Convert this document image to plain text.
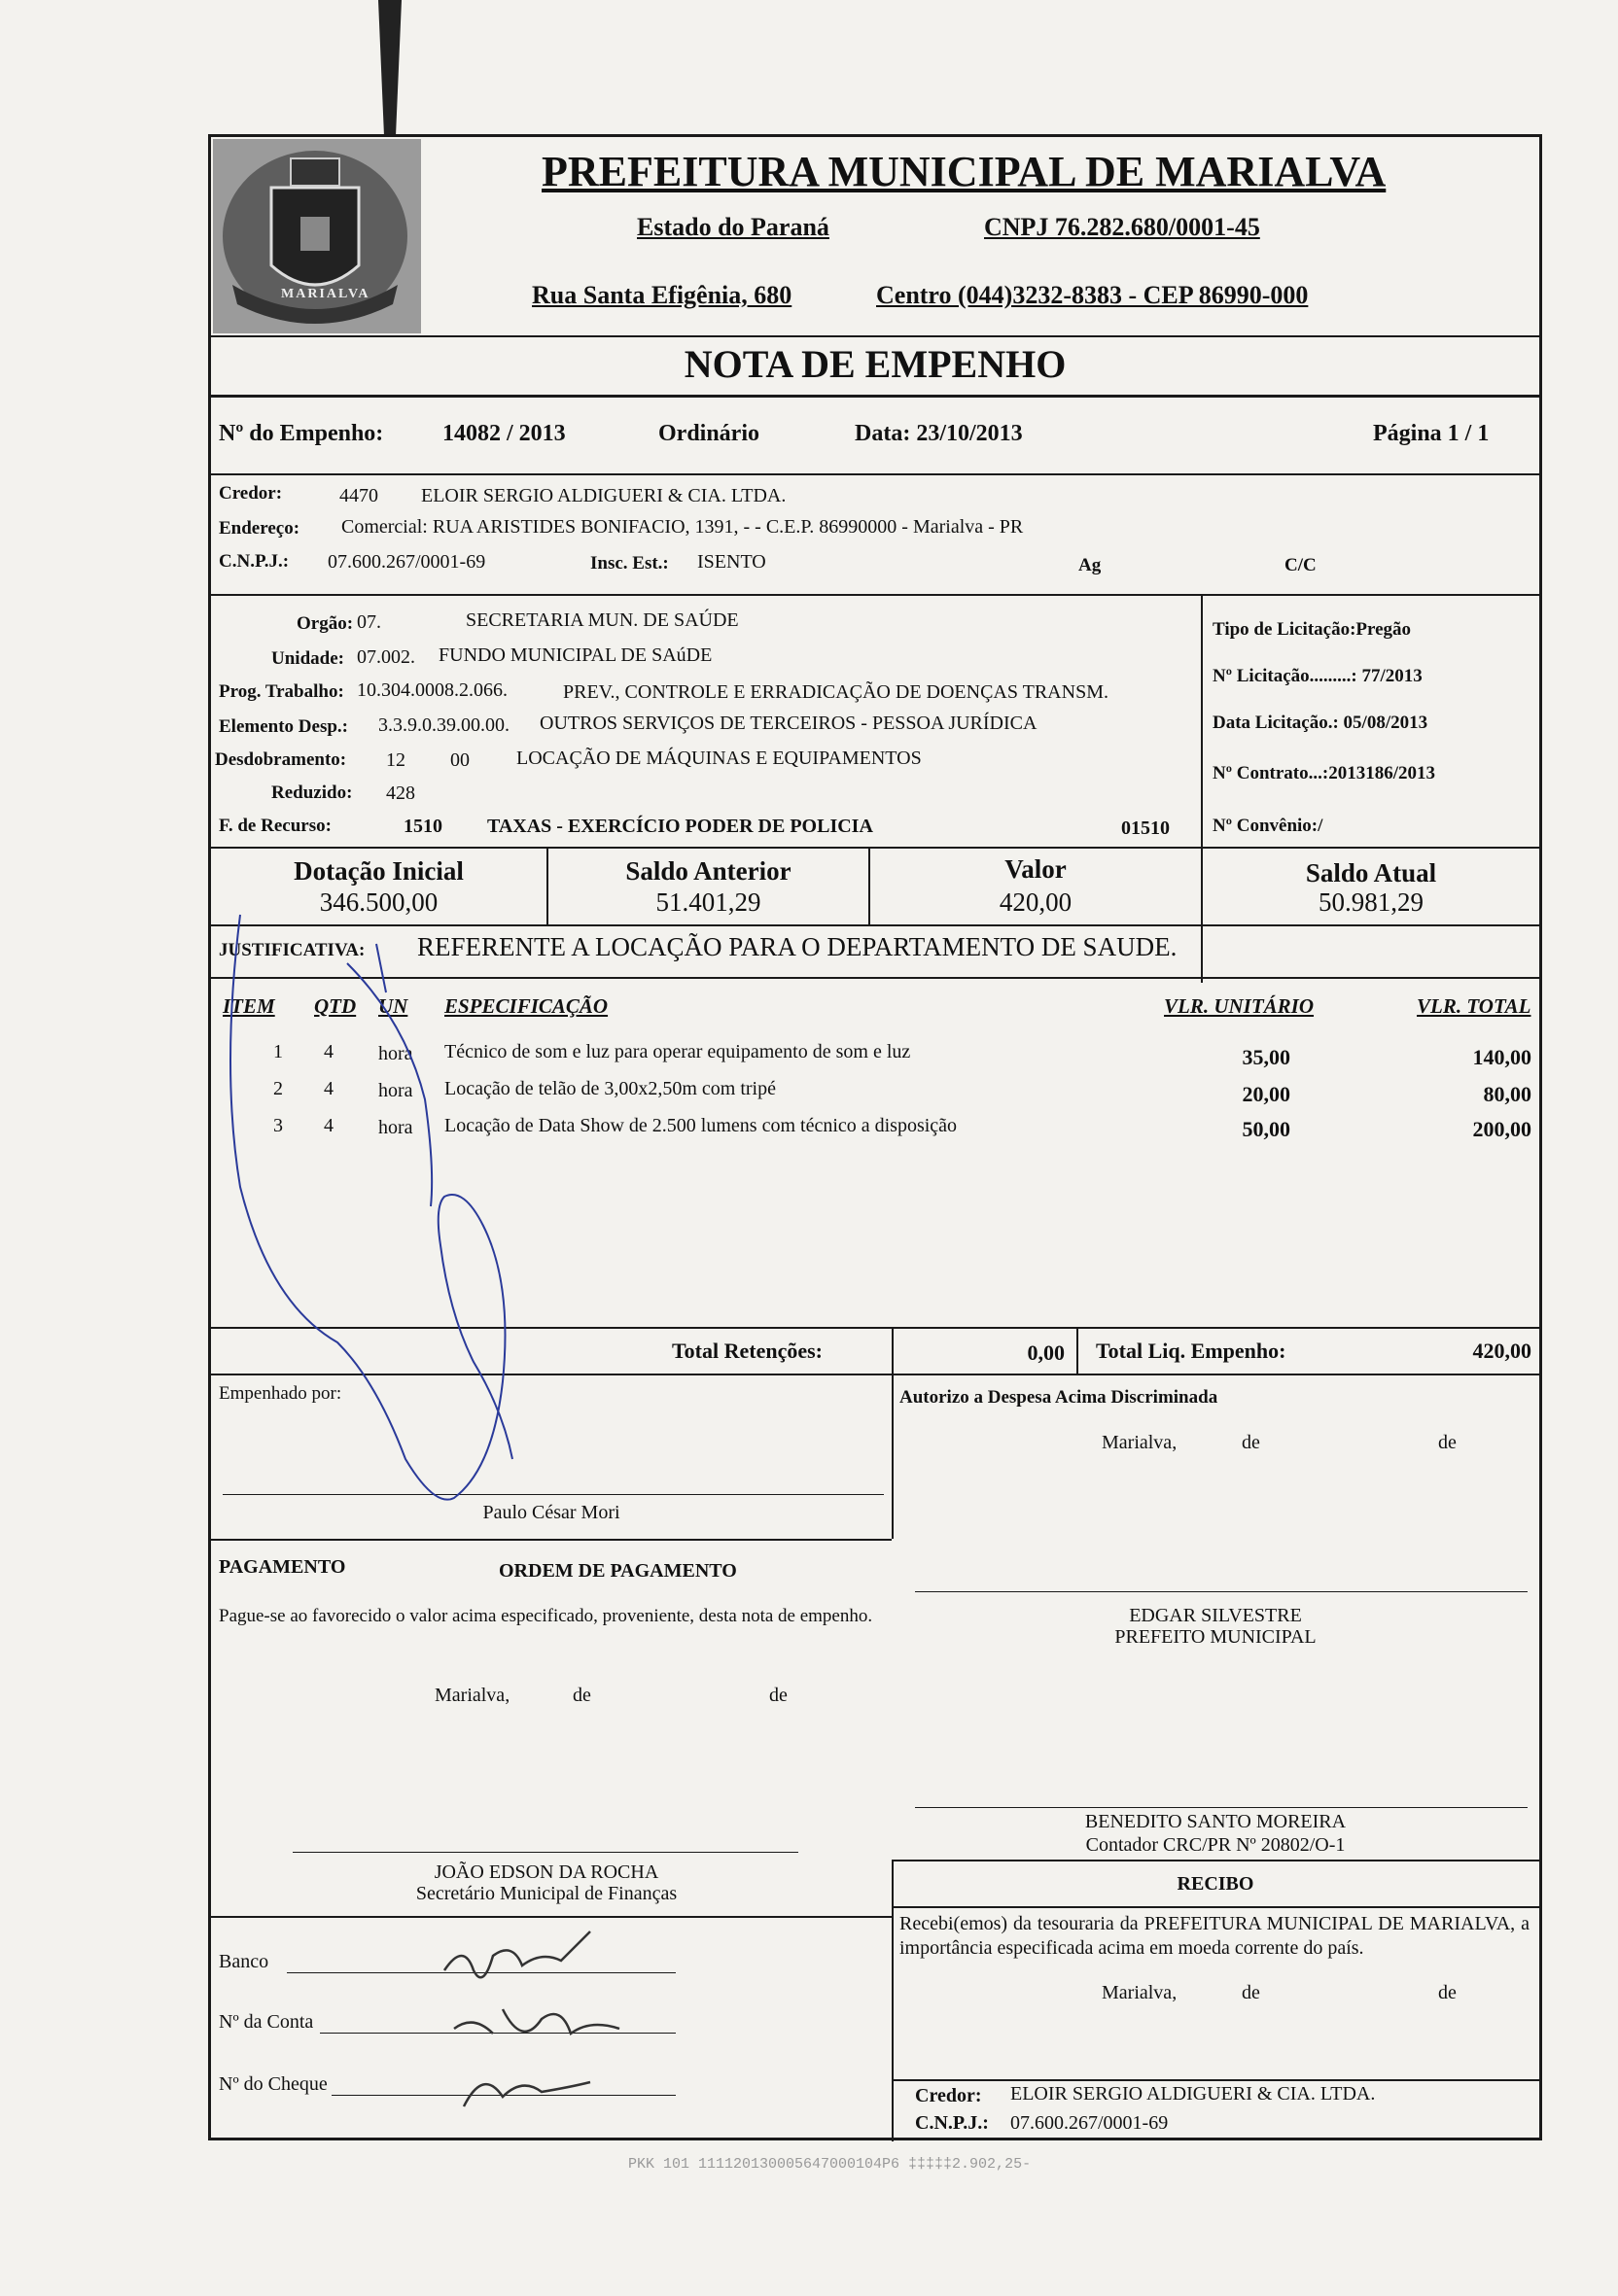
MARIALVA
PREFEITURA MUNICIPAL DE MARIALVA
Estado do Paraná	CNPJ 76.282.680/0001-45
Rua Santa Efigênia, 680	Centro (044)3232-8383 - CEP 86990-000
NOTA DE EMPENHO
Nº do Empenho:	14082 / 2013	Ordinário	Data: 23/10/2013	Página 1 / 1
Credor:	4470 ELOIR SERGIO ALDIGUERI & CIA. LTDA.
Endereço: Comercial: RUA ARISTIDES BONIFACIO, 1391, - - C.E.P. 86990000 - Marialva - PR
C.N.P.J.: 07.600.267/0001-69	Insc. Est.: ISENTO	Ag	C/C
Orgão: 07.	SECRETARIA MUN. DE SAÚDE
Unidade: 07.002. FUNDO MUNICIPAL DE SAúDE
Prog. Trabalho: 10.304.0008.2.066.	PREV., CONTROLE E ERRADICAÇÃO DE DOENÇAS TRANSM.
Elemento Desp.: 3.3.9.0.39.00.00. OUTROS SERVIÇOS DE TERCEIROS - PESSOA JURÍDICA
Desdobramento: 12 00 LOCAÇÃO DE MÁQUINAS E EQUIPAMENTOS
Reduzido: 428
F. de Recurso:	1510 TAXAS - EXERCÍCIO PODER DE POLICIA	01510
Tipo de Licitação:Pregão
Nº Licitação.........: 77/2013
Data Licitação.: 05/08/2013
Nº Contrato...:2013186/2013
Nº Convênio:/
Dotação Inicial
346.500,00
Saldo Anterior
51.401,29
Valor
420,00
Saldo Atual
50.981,29
JUSTIFICATIVA: REFERENTE A LOCAÇÃO PARA O DEPARTAMENTO DE SAUDE.
ITEM QTD UN ESPECIFICAÇÃO	VLR. UNITÁRIO	VLR. TOTAL
1 4 hora Técnico de som e luz para operar equipamento de som e luz	35,00	140,00
2 4 hora Locação de telão de 3,00x2,50m com tripé	20,00	80,00
3 4 hora Locação de Data Show de 2.500 lumens com técnico a disposição	50,00	200,00
Total Retenções:	0,00 Total Liq. Empenho:	420,00
Empenhado por:
Paulo César Mori
Autorizo a Despesa Acima Discriminada
Marialva,	de	de
PAGAMENTO	ORDEM DE PAGAMENTO
Pague-se ao favorecido o valor acima especificado, proveniente, desta nota de empenho.
Marialva,	de	de
EDGAR SILVESTRE
PREFEITO MUNICIPAL
BENEDITO SANTO MOREIRA
Contador CRC/PR Nº 20802/O-1
JOÃO EDSON DA ROCHA
Secretário Municipal de Finanças	RECIBO
Recebi(emos) da tesouraria da PREFEITURA MUNICIPAL DE MARIALVA, a importância especificada acima em moeda corrente do país.
Marialva,	de	de
Credor: ELOIR SERGIO ALDIGUERI & CIA. LTDA.
C.N.P.J.: 07.600.267/0001-69
Banco
Nº da Conta
Nº do Cheque
PKK 101 111120130005647000104P6 ‡‡‡‡‡2.902,25-
